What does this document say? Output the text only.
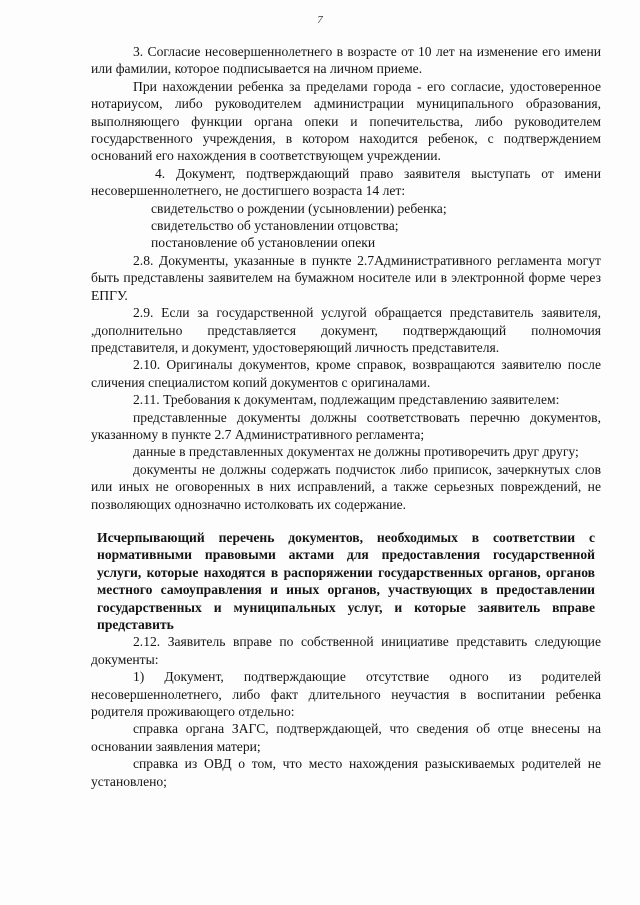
7

3. Согласие несовершеннолетнего в возрасте от 10 лет на изменение его имени или фамилии, которое подписывается на личном приеме.

При нахождении ребенка за пределами города - его согласие, удостоверенное нотариусом, либо руководителем администрации муниципального образования, выполняющего функции органа опеки и попечительства, либо руководителем государственного учреждения, в котором находится ребенок, с подтверждением оснований его нахождения в соответствующем учреждении.

4. Документ, подтверждающий право заявителя выступать от имени несовершеннолетнего, не достигшего возраста 14 лет:

свидетельство о рождении (усыновлении) ребенка;

свидетельство об установлении отцовства;

постановление об установлении опеки

2.8. Документы, указанные в пункте 2.7Административного регламента могут быть представлены заявителем на бумажном носителе или в электронной форме через ЕПГУ.

2.9. Если за государственной услугой обращается представитель заявителя, ,дополнительно представляется документ, подтверждающий полномочия представителя, и документ, удостоверяющий личность представителя.

2.10. Оригиналы документов, кроме справок, возвращаются заявителю после сличения специалистом копий документов с оригиналами.

2.11. Требования к документам, подлежащим представлению заявителем:

представленные документы должны соответствовать перечню документов, указанному в пункте 2.7 Административного регламента;

данные в представленных документах не должны противоречить друг другу;

документы не должны содержать подчисток либо приписок, зачеркнутых слов или иных не оговоренных в них исправлений, а также серьезных повреждений, не позволяющих однозначно истолковать их содержание.

Исчерпывающий перечень документов, необходимых в соответствии с нормативными правовыми актами для предоставления государственной услуги, которые находятся в распоряжении государственных органов, органов местного самоуправления и иных органов, участвующих в предоставлении государственных и муниципальных услуг, и которые заявитель вправе представить

2.12. Заявитель вправе по собственной инициативе представить следующие документы:

1) Документ, подтверждающие отсутствие одного из родителей несовершеннолетнего, либо факт длительного неучастия в воспитании ребенка родителя проживающего отдельно:

справка органа ЗАГС, подтверждающей, что сведения об отце внесены на основании заявления матери;

справка из ОВД о том, что место нахождения разыскиваемых родителей не установлено;
